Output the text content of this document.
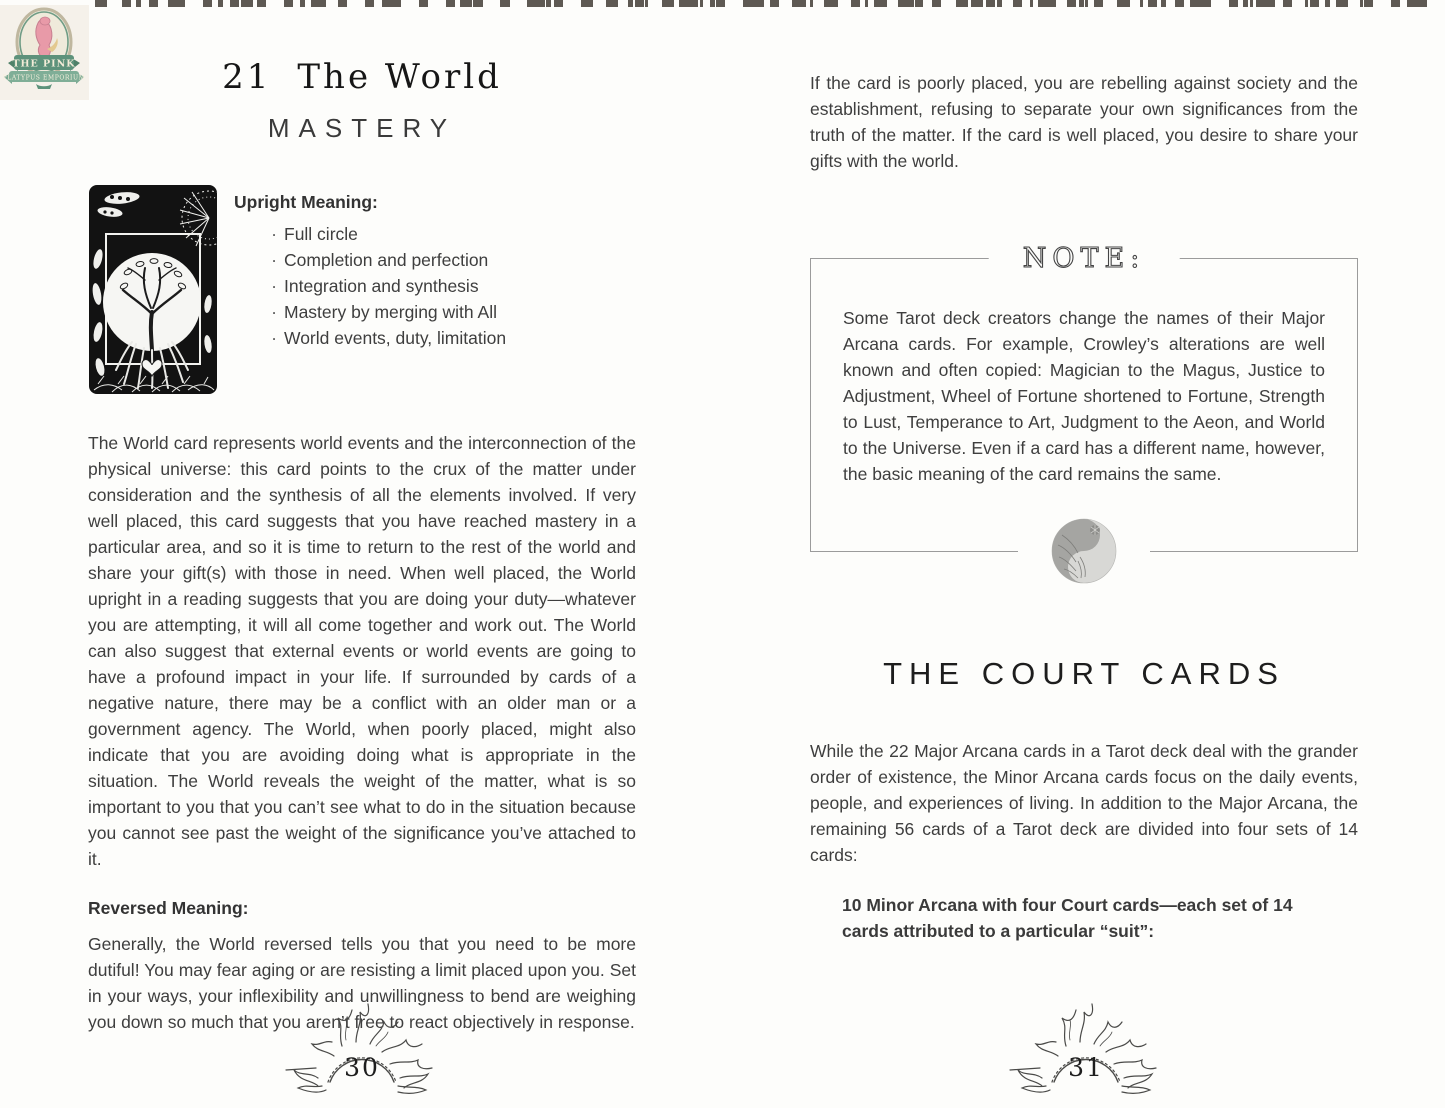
THE PINK
PLATYPUS EMPORIUM	21 The World
MASTERY
Upright Meaning:
· Full circle
· Completion and perfection
· Integration and synthesis
· Mastery by merging with All
· World events, duty, limitation

The World card represents world events and the interconnection of the physical universe: this card points to the crux of the matter under consideration and the synthesis of all the elements involved. If very well placed, this card suggests that you have reached mastery in a particular area, and so it is time to return to the rest of the world and share your gift(s) with those in need. When well placed, the World upright in a reading suggests that you are doing your duty—whatever you are attempting, it will all come together and work out. The World can also suggest that external events or world events are going to have a profound impact in your life. If surrounded by cards of a negative nature, there may be a conflict with an older man or a government agency. The World, when poorly placed, might also indicate that you are avoiding doing what is appropriate in the situation. The World reveals the weight of the matter, what is so important to you that you can’t see what to do in the situation because you cannot see past the weight of the significance you’ve attached to it.

Reversed Meaning:

Generally, the World reversed tells you that you need to be more dutiful! You may fear aging or are resisting a limit placed upon you. Set in your ways, your inflexibility and unwillingness to bend are weighing you down so much that you aren’t free to react objectively in response.

If the card is poorly placed, you are rebelling against society and the establishment, refusing to separate your own significances from the truth of the matter. If the card is well placed, you desire to share your gifts with the world.

NOTE:

Some Tarot deck creators change the names of their Major Arcana cards. For example, Crowley’s alterations are well known and often copied: Magician to the Magus, Justice to Adjustment, Wheel of Fortune shortened to Fortune, Strength to Lust, Temperance to Art, Judgment to the Aeon, and World to the Universe. Even if a card has a different name, however, the basic meaning of the card remains the same.

THE COURT CARDS

While the 22 Major Arcana cards in a Tarot deck deal with the grander order of existence, the Minor Arcana cards focus on the daily events, people, and experiences of living. In addition to the Major Arcana, the remaining 56 cards of a Tarot deck are divided into four sets of 14 cards:

10 Minor Arcana with four Court cards—each set of 14 cards attributed to a particular “suit”:

30	31
